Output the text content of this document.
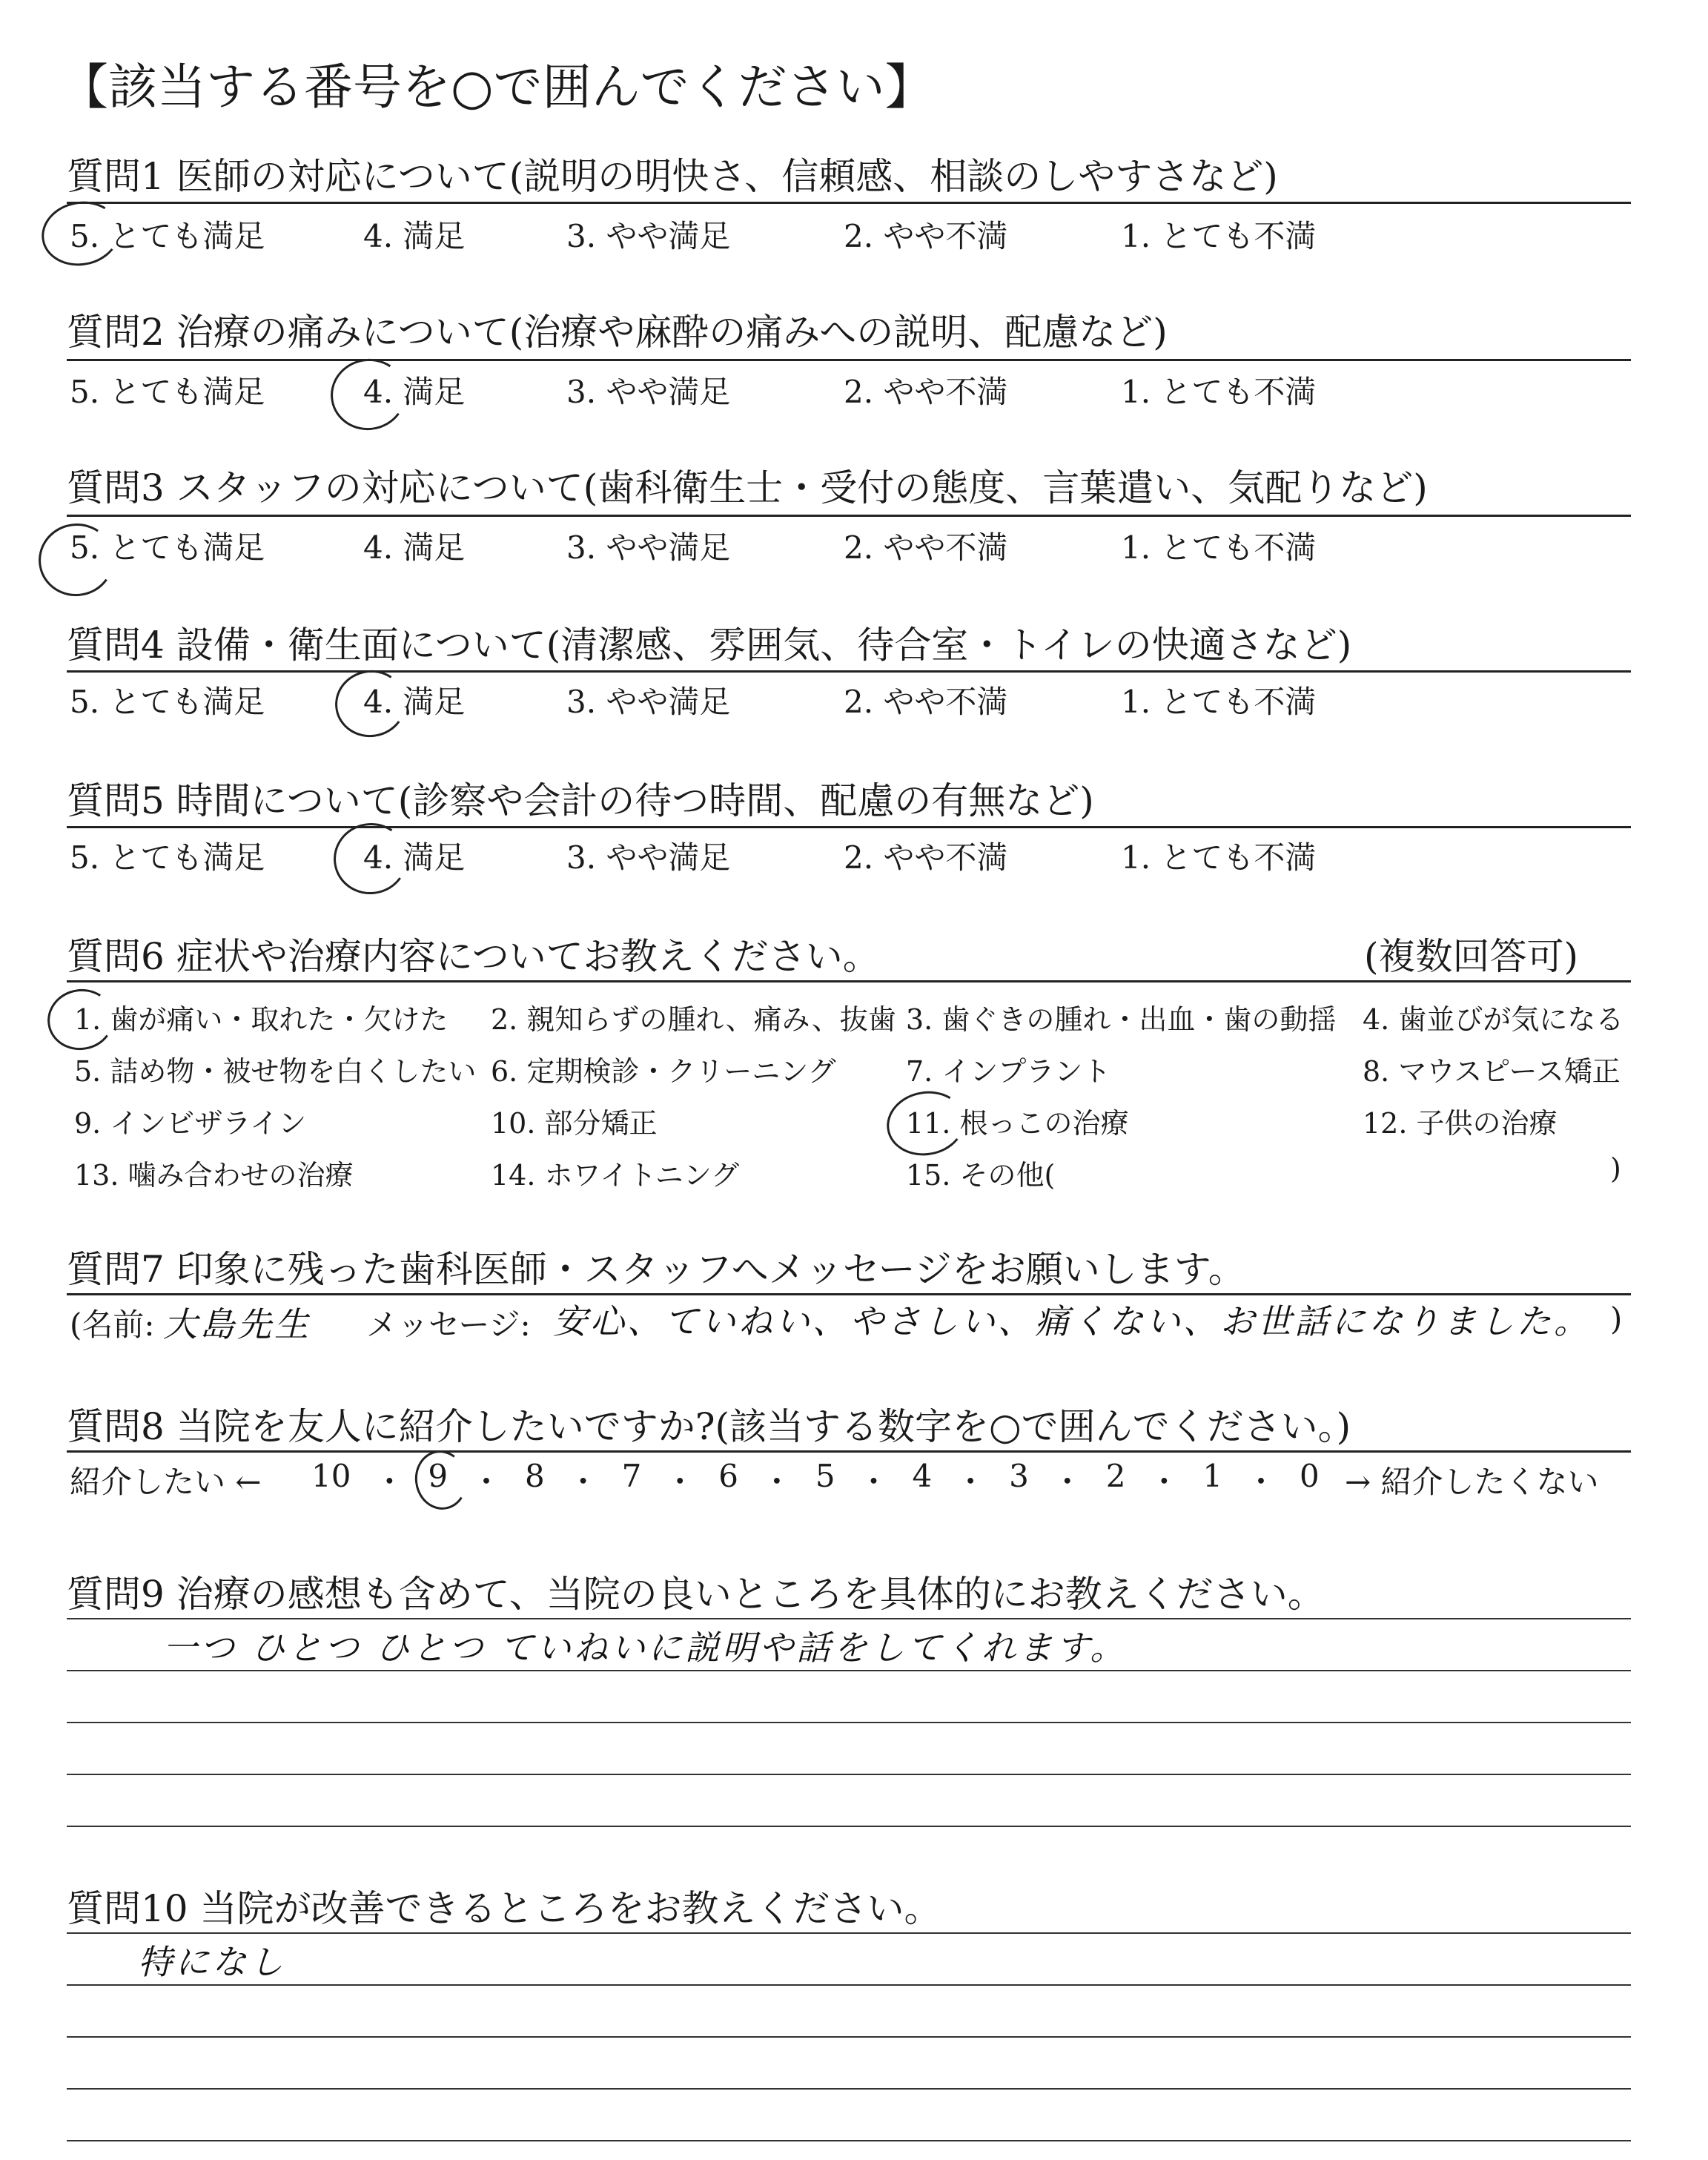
【該当する番号を○で囲んでください】
質問1 医師の対応について(説明の明快さ、信頼感、相談のしやすさなど)
5. とても満足	4. 満足	3. やや満足	2. やや不満	1. とても不満
質問2 治療の痛みについて(治療や麻酔の痛みへの説明、配慮など)
5. とても満足	4. 満足	3. やや満足	2. やや不満	1. とても不満
質問3 スタッフの対応について(歯科衛生士・受付の態度、言葉遣い、気配りなど)
5. とても満足	4. 満足	3. やや満足	2. やや不満	1. とても不満
質問4 設備・衛生面について(清潔感、雰囲気、待合室・トイレの快適さなど)
5. とても満足	4. 満足	3. やや満足	2. やや不満	1. とても不満
質問5 時間について(診察や会計の待つ時間、配慮の有無など)
5. とても満足	4. 満足	3. やや満足	2. やや不満	1. とても不満
質問6 症状や治療内容についてお教えください。	(複数回答可)
1. 歯が痛い・取れた・欠けた 2. 親知らずの腫れ、痛み、抜歯 3. 歯ぐきの腫れ・出血・歯の動揺 4. 歯並びが気になる
5. 詰め物・被せ物を白くしたい 6. 定期検診・クリーニング 7. インプラント	8. マウスピース矯正
9. インビザライン	10. 部分矯正	11. 根っこの治療	12. 子供の治療
13. 噛み合わせの治療	14. ホワイトニング	15. その他(	)
質問7 印象に残った歯科医師・スタッフへメッセージをお願いします。
(名前: 大島先生 メッセージ: 安心、ていねい、やさしい、痛くない、お世話になりました。 )
質問8 当院を友人に紹介したいですか?(該当する数字を○で囲んでください。)
紹介したい ← 10 ・ 9 ・ 8 ・ 7 ・ 6 ・ 5 ・ 4 ・ 3 ・ 2 ・ 1 ・ 0 → 紹介したくない
質問9 治療の感想も含めて、当院の良いところを具体的にお教えください。
一つ ひとつ ひとつ ていねいに説明や話をしてくれます。
質問10 当院が改善できるところをお教えください。
特になし
